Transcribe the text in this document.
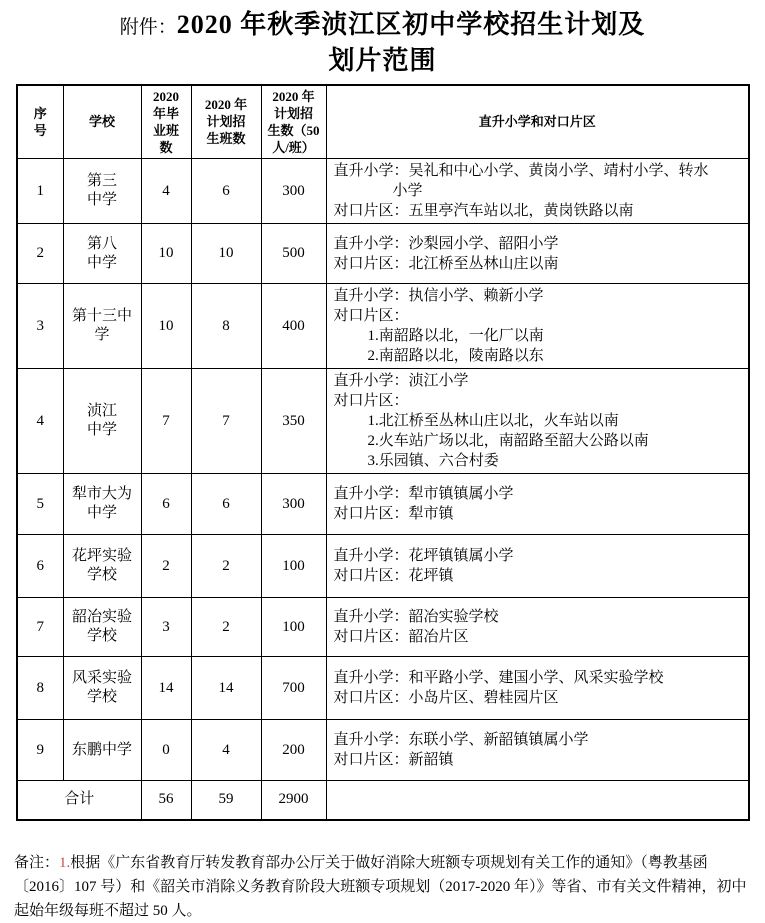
附件：2020 年秋季浈江区初中学校招生计划及
划片范围
序
号	学校	2020
年毕
业班
数	2020 年
计划招
生班数	2020 年
计划招
生数（50
人/班）	直升小学和对口片区
1	第三
中学	4	6	300	
直升小学：吴礼和中心小学、黄岗小学、靖村小学、转水
小学
对口片区：五里亭汽车站以北，黄岗铁路以南

2	第八
中学	10	10	500	
直升小学：沙梨园小学、韶阳小学
对口片区：北江桥至丛林山庄以南

3	第十三中
学	10	8	400	
直升小学：执信小学、赖新小学
对口片区：
1.南韶路以北，一化厂以南
2.南韶路以北，陵南路以东

4	浈江
中学	7	7	350	
直升小学：浈江小学
对口片区：
1.北江桥至丛林山庄以北，火车站以南
2.火车站广场以北，南韶路至韶大公路以南
3.乐园镇、六合村委

5	犁市大为
中学	6	6	300	
直升小学：犁市镇镇属小学
对口片区：犁市镇

6	花坪实验
学校	2	2	100	
直升小学：花坪镇镇属小学
对口片区：花坪镇

7	韶冶实验
学校	3	2	100	
直升小学：韶冶实验学校
对口片区：韶冶片区

8	风采实验
学校	14	14	700	
直升小学：和平路小学、建国小学、风采实验学校
对口片区：小岛片区、碧桂园片区

9	东鹏中学	0	4	200	直升小学：东联小学、新韶镇镇属小学
对口片区：新韶镇

合计		56	59	2900	
备注：1.根据《广东省教育厅转发教育部办公厅关于做好消除大班额专项规划有关工作的通知》（粤教基函〔2016〕107 号）和《韶关市消除义务教育阶段大班额专项规划（2017-2020 年）》等省、市有关文件精神，初中起始年级每班不超过 50 人。
